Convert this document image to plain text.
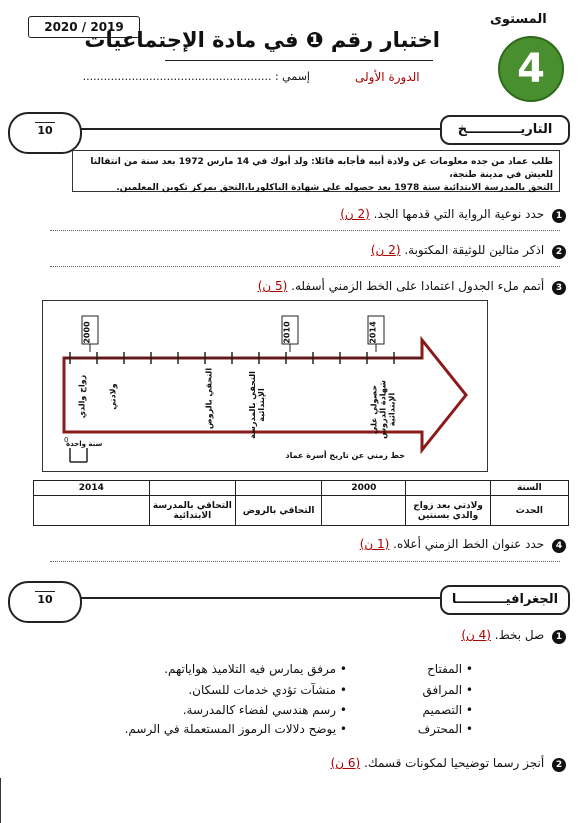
2020 / 2019
اختبار رقم ❶ في مادة الإجتماعيات
المستوى
4
الدورة الأولى
إسمي : ......................................................
10	التاريــــــــــــخ
طلب عماد من جده معلومات عن ولادة أبيه فأجابه قائلا: ولد أبوك في 14 مارس 1972 بعد سنة من انتقالنا للعيش في مدينة طنجة،
التحق بالمدرسة الابتدائية سنة 1978 بعد حصوله على شهادة الباكلوريا،التحق بمركز تكوين المعلمين.
1 حدد نوعية الرواية التي قدمها الجد. (2 ن)
2 اذكر مثالين للوثيقة المكتوبة. (2 ن)
3 أتمم ملء الجدول اعتمادا على الخط الزمني أسفله. (5 ن)
2000	2010	2014
زواج والدي	ولادتي	التحقي بالروض	التحقي بالمدرسة الإبتدائية	حصولي على شهادة الدروس الإبتدائية
0
سنة واحدة
خط زمني عن تاريخ أسرة عماد
2014			2000		السنة
	التحاقي بالمدرسة الابتدائية	التحاقي بالروض		ولادتي بعد زواج والدي بسنتين	الحدث
4 حدد عنوان الخط الزمني أعلاه. (1 ن)
10	الجغرافيـــــــــــا
1 صل بخط. (4 ن)
• المفتاح
• المرافق
• التصميم
• المحترف
• مرفق يمارس فيه التلاميذ هواياتهم.
• منشآت تؤدي خدمات للسكان.
• رسم هندسي لفضاء كالمدرسة.
• يوضح دلالات الرموز المستعملة في الرسم.
2 أنجز رسما توضيحيا لمكونات قسمك. (6 ن)
